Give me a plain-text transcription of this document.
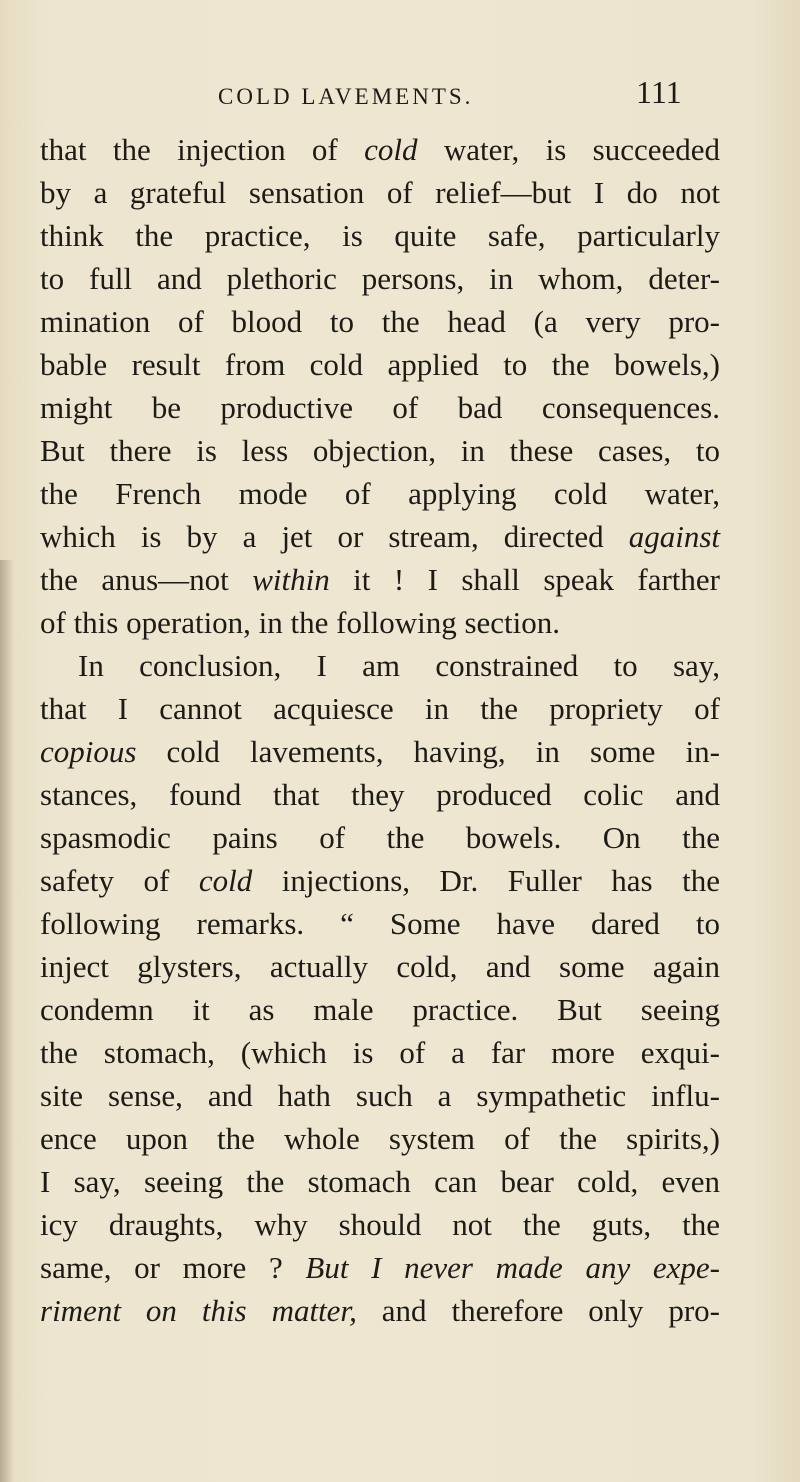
COLD LAVEMENTS.	111
that the injection of cold water, is succeeded
by a grateful sensation of relief—but I do not
think the practice, is quite safe, particularly
to full and plethoric persons, in whom, deter-
mination of blood to the head (a very pro-
bable result from cold applied to the bowels,)
might be productive of bad consequences.
But there is less objection, in these cases, to
the French mode of applying cold water,
which is by a jet or stream, directed against
the anus—not within it ! I shall speak farther
of this operation, in the following section.
In conclusion, I am constrained to say,
that I cannot acquiesce in the propriety of
copious cold lavements, having, in some in-
stances, found that they produced colic and
spasmodic pains of the bowels. On the
safety of cold injections, Dr. Fuller has the
following remarks. “ Some have dared to
inject glysters, actually cold, and some again
condemn it as male practice. But seeing
the stomach, (which is of a far more exqui-
site sense, and hath such a sympathetic influ-
ence upon the whole system of the spirits,)
I say, seeing the stomach can bear cold, even
icy draughts, why should not the guts, the
same, or more ? But I never made any expe-
riment on this matter, and therefore only pro-
